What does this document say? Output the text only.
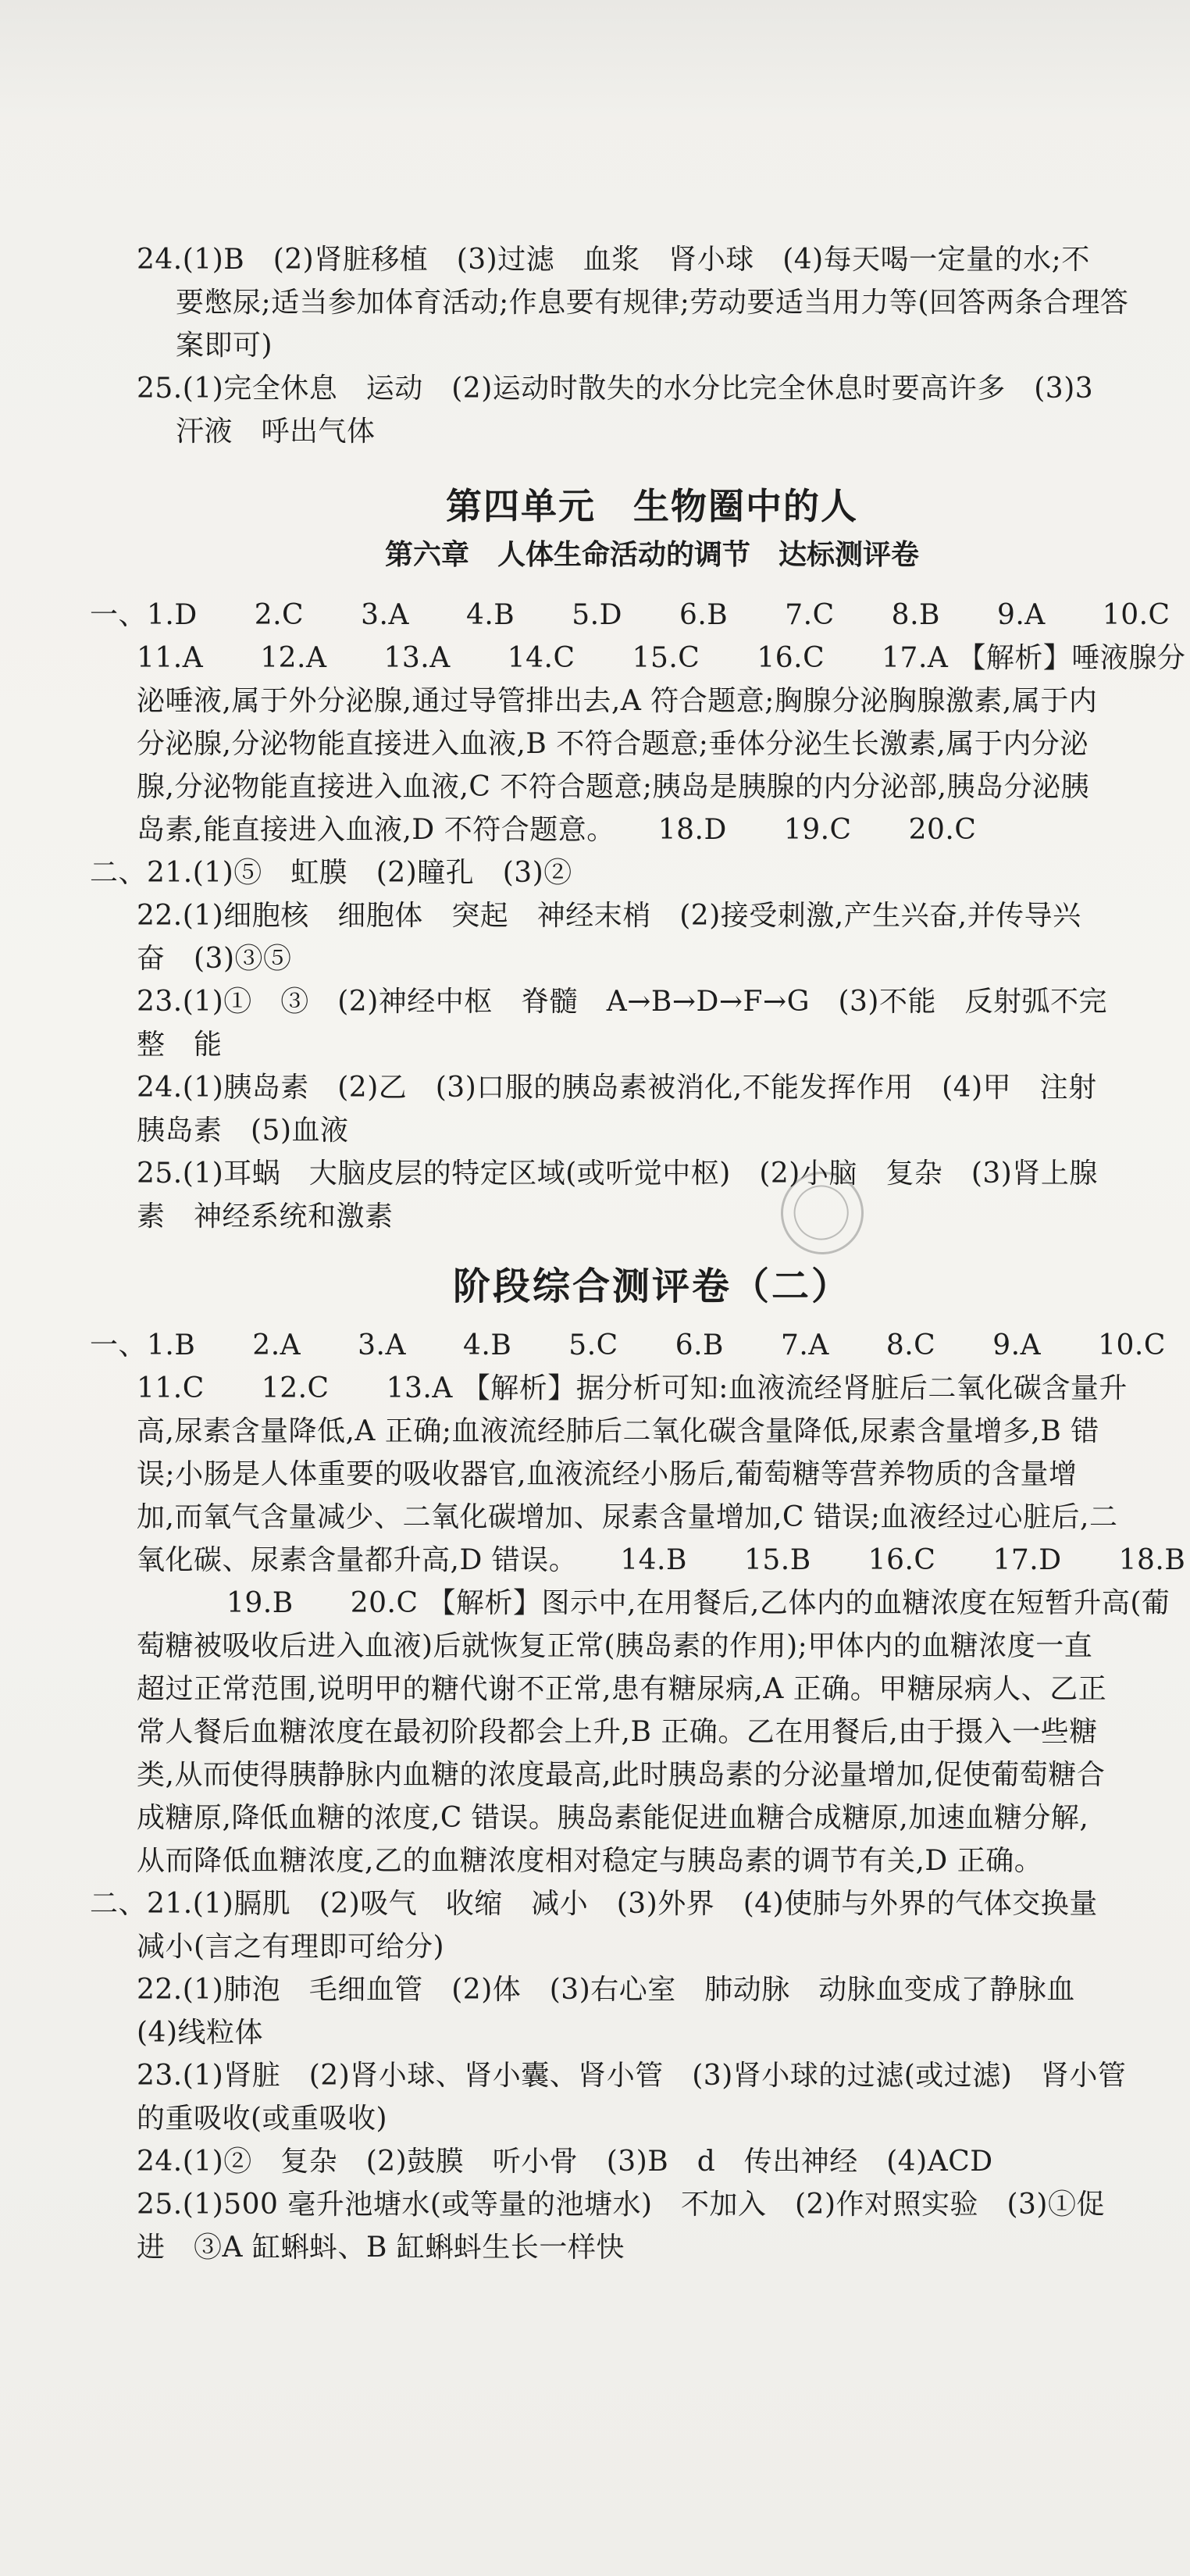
24.(1)B　(2)肾脏移植　(3)过滤　血浆　肾小球　(4)每天喝一定量的水;不
要憋尿;适当参加体育活动;作息要有规律;劳动要适当用力等(回答两条合理答
案即可)
25.(1)完全休息　运动　(2)运动时散失的水分比完全休息时要高许多　(3)3
汗液　呼出气体
第四单元　生物圈中的人
第六章　人体生命活动的调节　达标测评卷
一、1.D　　2.C　　3.A　　4.B　　5.D　　6.B　　7.C　　8.B　　9.A　　10.C
11.A　　12.A　　13.A　　14.C　　15.C　　16.C　　17.A 【解析】唾液腺分
泌唾液,属于外分泌腺,通过导管排出去,A 符合题意;胸腺分泌胸腺激素,属于内
分泌腺,分泌物能直接进入血液,B 不符合题意;垂体分泌生长激素,属于内分泌
腺,分泌物能直接进入血液,C 不符合题意;胰岛是胰腺的内分泌部,胰岛分泌胰
岛素,能直接进入血液,D 不符合题意。　　18.D　　19.C　　20.C
二、21.(1)⑤　虹膜　(2)瞳孔　(3)②
22.(1)细胞核　细胞体　突起　神经末梢　(2)接受刺激,产生兴奋,并传导兴
奋　(3)③⑤
23.(1)①　③　(2)神经中枢　脊髓　A→B→D→F→G　(3)不能　反射弧不完
整　能
24.(1)胰岛素　(2)乙　(3)口服的胰岛素被消化,不能发挥作用　(4)甲　注射
胰岛素　(5)血液
25.(1)耳蜗　大脑皮层的特定区域(或听觉中枢)　(2)小脑　复杂　(3)肾上腺
素　神经系统和激素
阶段综合测评卷（二）
一、1.B　　2.A　　3.A　　4.B　　5.C　　6.B　　7.A　　8.C　　9.A　　10.C
11.C　　12.C　　13.A 【解析】据分析可知:血液流经肾脏后二氧化碳含量升
高,尿素含量降低,A 正确;血液流经肺后二氧化碳含量降低,尿素含量增多,B 错
误;小肠是人体重要的吸收器官,血液流经小肠后,葡萄糖等营养物质的含量增
加,而氧气含量减少、二氧化碳增加、尿素含量增加,C 错误;血液经过心脏后,二
氧化碳、尿素含量都升高,D 错误。　　14.B　　15.B　　16.C　　17.D　　18.B
19.B　　20.C 【解析】图示中,在用餐后,乙体内的血糖浓度在短暂升高(葡
萄糖被吸收后进入血液)后就恢复正常(胰岛素的作用);甲体内的血糖浓度一直
超过正常范围,说明甲的糖代谢不正常,患有糖尿病,A 正确。甲糖尿病人、乙正
常人餐后血糖浓度在最初阶段都会上升,B 正确。乙在用餐后,由于摄入一些糖
类,从而使得胰静脉内血糖的浓度最高,此时胰岛素的分泌量增加,促使葡萄糖合
成糖原,降低血糖的浓度,C 错误。胰岛素能促进血糖合成糖原,加速血糖分解,
从而降低血糖浓度,乙的血糖浓度相对稳定与胰岛素的调节有关,D 正确。
二、21.(1)膈肌　(2)吸气　收缩　减小　(3)外界　(4)使肺与外界的气体交换量
减小(言之有理即可给分)
22.(1)肺泡　毛细血管　(2)体　(3)右心室　肺动脉　动脉血变成了静脉血
(4)线粒体
23.(1)肾脏　(2)肾小球、肾小囊、肾小管　(3)肾小球的过滤(或过滤)　肾小管
的重吸收(或重吸收)
24.(1)②　复杂　(2)鼓膜　听小骨　(3)B　d　传出神经　(4)ACD
25.(1)500 毫升池塘水(或等量的池塘水)　不加入　(2)作对照实验　(3)①促
进　③A 缸蝌蚪、B 缸蝌蚪生长一样快
